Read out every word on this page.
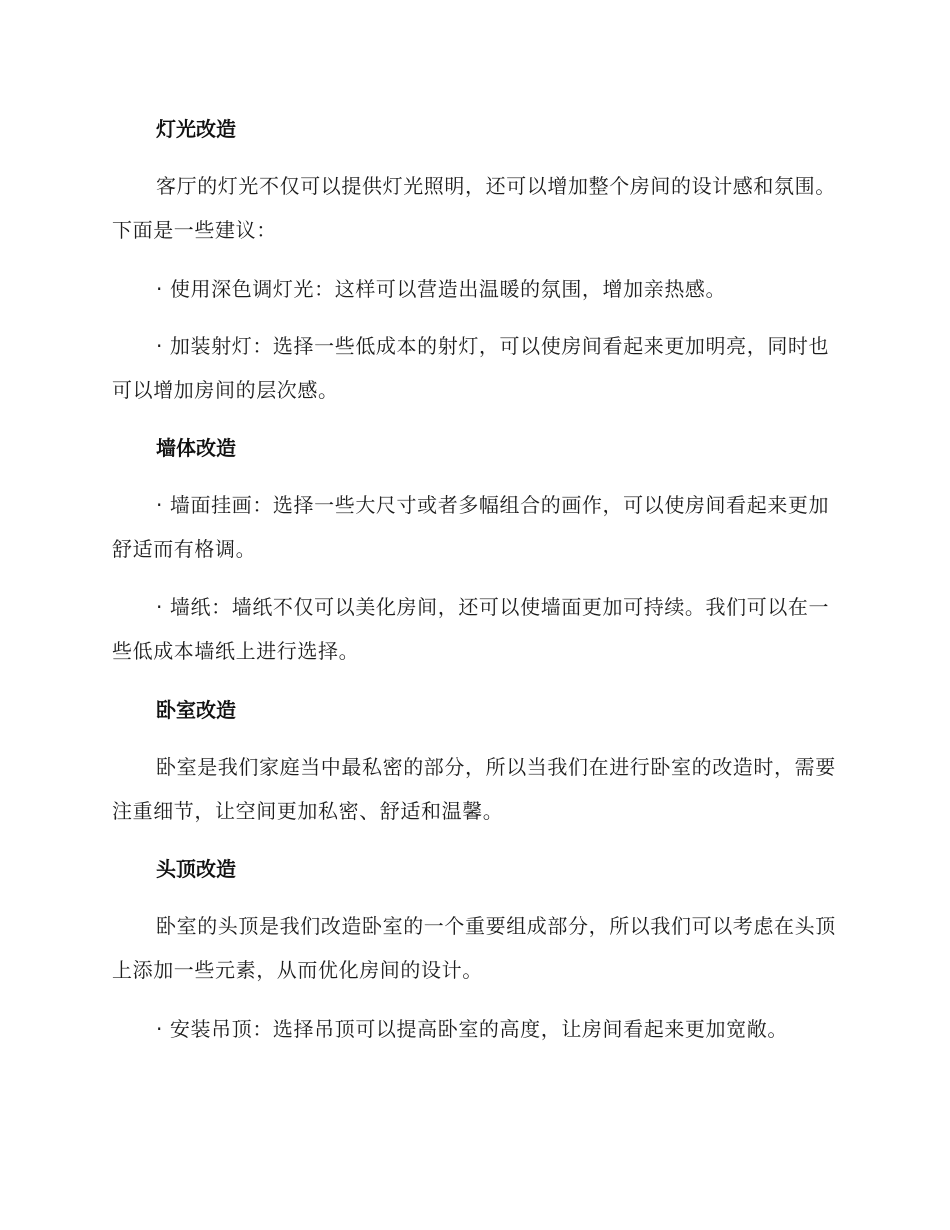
灯光改造
客厅的灯光不仅可以提供灯光照明，还可以增加整个房间的设计感和氛围。下面是一些建议：
· 使用深色调灯光：这样可以营造出温暖的氛围，增加亲热感。
· 加装射灯：选择一些低成本的射灯，可以使房间看起来更加明亮，同时也可以增加房间的层次感。
墙体改造
· 墙面挂画：选择一些大尺寸或者多幅组合的画作，可以使房间看起来更加舒适而有格调。
· 墙纸：墙纸不仅可以美化房间，还可以使墙面更加可持续。我们可以在一些低成本墙纸上进行选择。
卧室改造
卧室是我们家庭当中最私密的部分，所以当我们在进行卧室的改造时，需要注重细节，让空间更加私密、舒适和温馨。
头顶改造
卧室的头顶是我们改造卧室的一个重要组成部分，所以我们可以考虑在头顶上添加一些元素，从而优化房间的设计。
· 安装吊顶：选择吊顶可以提高卧室的高度，让房间看起来更加宽敞。
